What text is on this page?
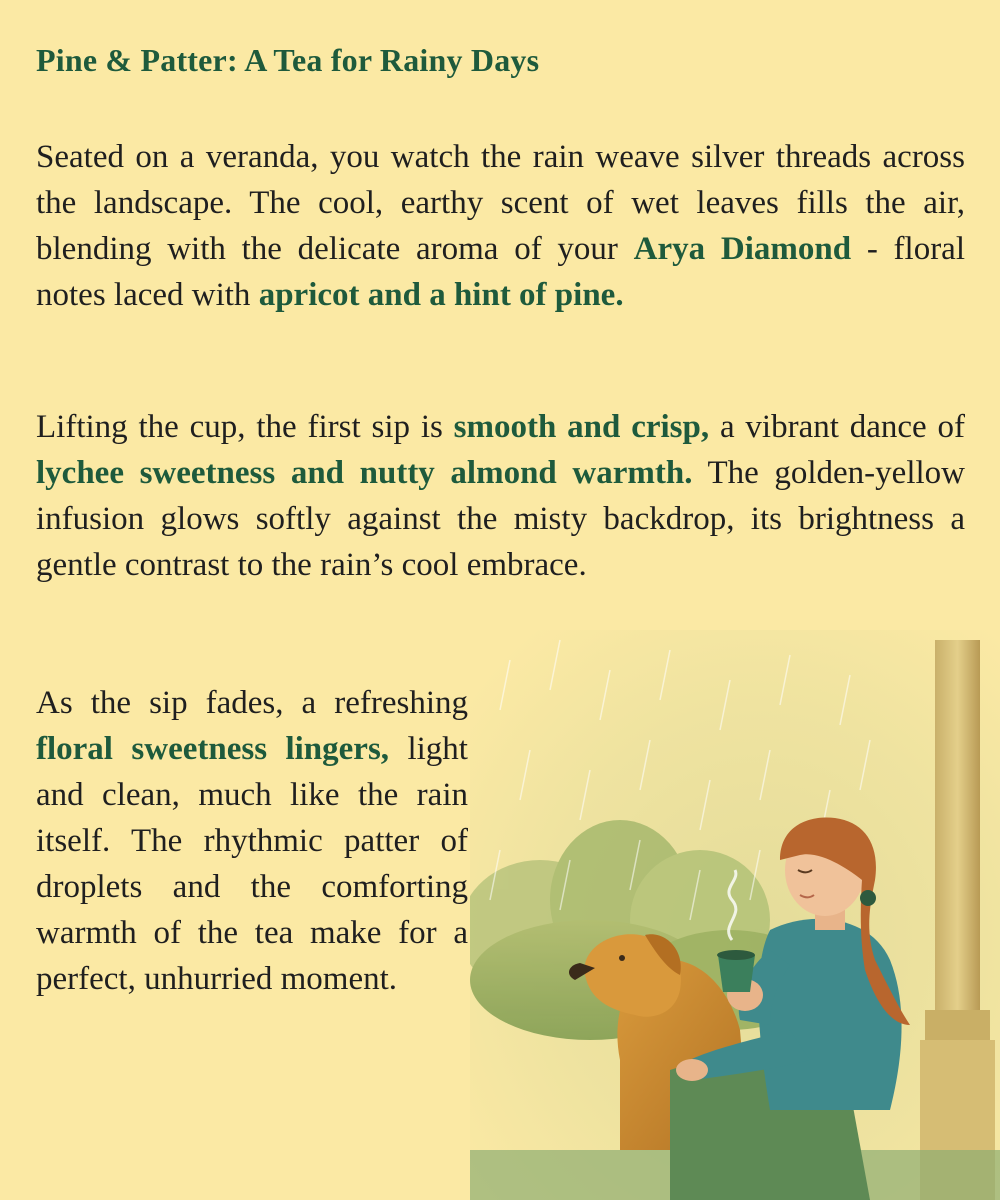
Pine & Patter: A Tea for Rainy Days

Seated on a veranda, you watch the rain weave silver threads across the landscape. The cool, earthy scent of wet leaves fills the air, blending with the delicate aroma of your Arya Diamond - floral notes laced with apricot and a hint of pine.

Lifting the cup, the first sip is smooth and crisp, a vibrant dance of lychee sweetness and nutty almond warmth. The golden-yellow infusion glows softly against the misty backdrop, its brightness a gentle contrast to the rain’s cool embrace.

As the sip fades, a refreshing floral sweetness lingers, light and clean, much like the rain itself. The rhythmic patter of droplets and the comforting warmth of the tea make for a perfect, unhurried moment.
